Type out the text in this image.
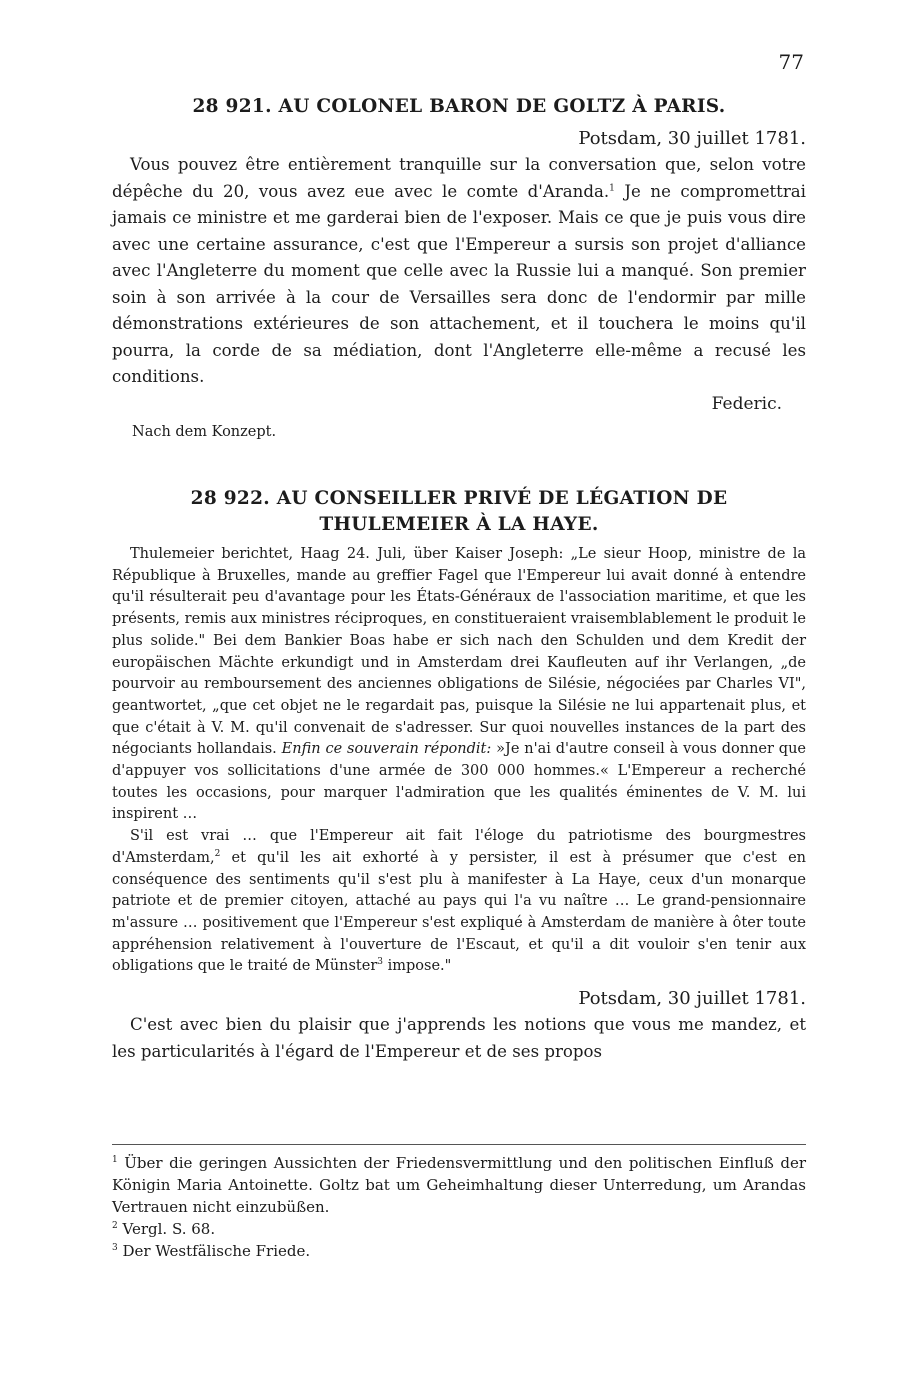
77
28 921. AU COLONEL BARON DE GOLTZ À PARIS.

Potsdam, 30 juillet 1781.

Vous pouvez être entièrement tranquille sur la conversation que, selon votre dépêche du 20, vous avez eue avec le comte d'Aranda.$^1$ Je ne compromettrai jamais ce ministre et me garderai bien de l'exposer. Mais ce que je puis vous dire avec une certaine assurance, c'est que l'Empereur a sursis son projet d'alliance avec l'Angleterre du moment que celle avec la Russie lui a manqué. Son premier soin à son arrivée à la cour de Versailles sera donc de l'endormir par mille démonstrations extérieures de son attachement, et il touchera le moins qu'il pourra, la corde de sa médiation, dont l'Angleterre elle-même a recusé les conditions.

Federic.

Nach dem Konzept.

28 922. AU CONSEILLER PRIVÉ DE LÉGATION DE
THULEMEIER À LA HAYE.

Thulemeier berichtet, Haag 24. Juli, über Kaiser Joseph: „Le sieur Hoop, ministre de la République à Bruxelles, mande au greffier Fagel que l'Empereur lui avait donné à entendre qu'il résulterait peu d'avantage pour les États-Généraux de l'association maritime, et que les présents, remis aux ministres réciproques, en constitueraient vraisemblablement le produit le plus solide." Bei dem Bankier Boas habe er sich nach den Schulden und dem Kredit der europäischen Mächte erkundigt und in Amsterdam drei Kaufleuten auf ihr Verlangen, „de pourvoir au remboursement des anciennes obligations de Silésie, négociées par Charles VI", geantwortet, „que cet objet ne le regardait pas, puisque la Silésie ne lui appartenait plus, et que c'était à V. M. qu'il convenait de s'adresser. Sur quoi nouvelles instances de la part des négociants hollandais. Enfin ce souverain répondit: »Je n'ai d'autre conseil à vous donner que d'appuyer vos sollicitations d'une armée de 300 000 hommes.« L'Empereur a recherché toutes les occasions, pour marquer l'admiration que les qualités éminentes de V. M. lui inspirent …

S'il est vrai … que l'Empereur ait fait l'éloge du patriotisme des bourgmestres d'Amsterdam,$^2$ et qu'il les ait exhorté à y persister, il est à présumer que c'est en conséquence des sentiments qu'il s'est plu à manifester à La Haye, ceux d'un monarque patriote et de premier citoyen, attaché au pays qui l'a vu naître … Le grand-pensionnaire m'assure … positivement que l'Empereur s'est expliqué à Amsterdam de manière à ôter toute appréhension relativement à l'ouverture de l'Escaut, et qu'il a dit vouloir s'en tenir aux obligations que le traité de Münster$^3$ impose."

Potsdam, 30 juillet 1781.

C'est avec bien du plaisir que j'apprends les notions que vous me mandez, et les particularités à l'égard de l'Empereur et de ses propos

$^1$ Über die geringen Aussichten der Friedensvermittlung und den politischen Einfluß der Königin Maria Antoinette. Goltz bat um Geheimhaltung dieser Unterredung, um Arandas Vertrauen nicht einzubüßen.

$^2$ Vergl. S. 68.

$^3$ Der Westfälische Friede.
